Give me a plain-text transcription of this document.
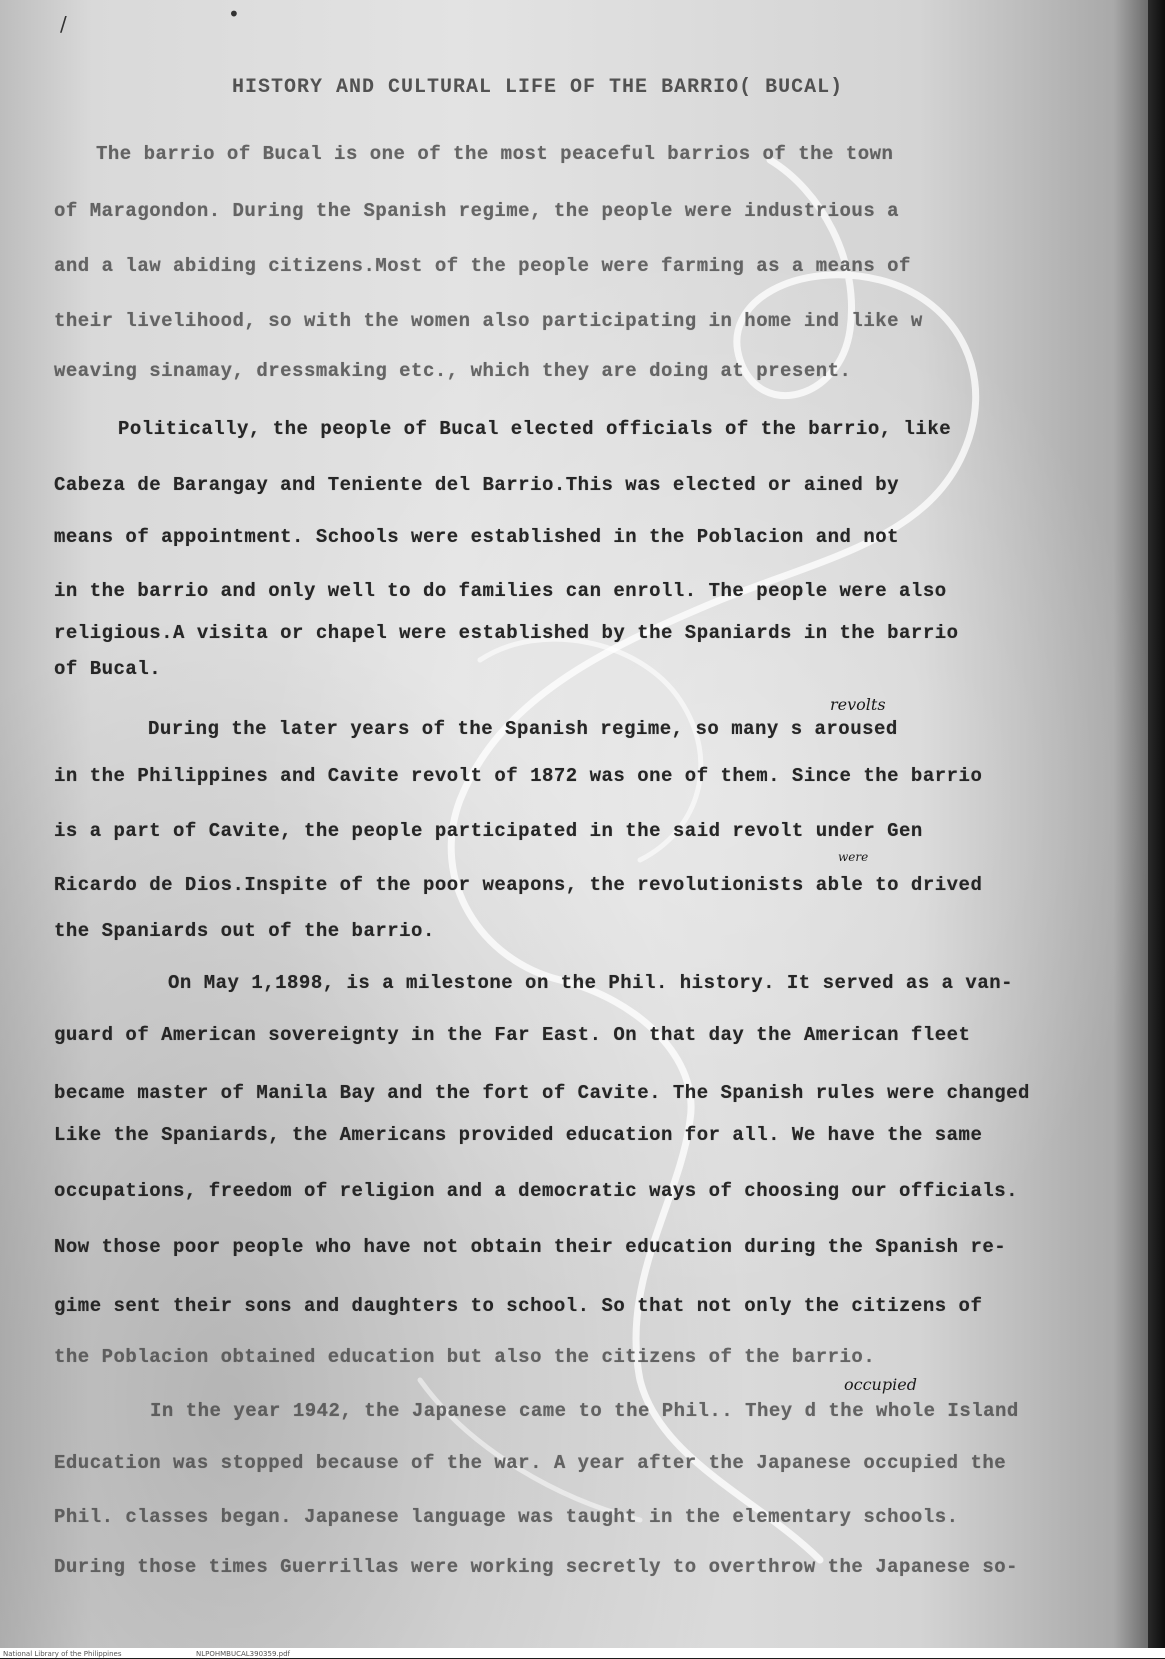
/	•
HISTORY AND CULTURAL LIFE OF THE BARRIO( BUCAL)
The barrio of Bucal is one of the most peaceful barrios of the town
of Maragondon. During the Spanish regime, the people were industrious a
and a law abiding citizens.Most of the people were farming as a means of
their livelihood, so with the women also participating in home ind like w
weaving sinamay, dressmaking etc., which they are doing at present.
Politically, the people of Bucal elected officials of the barrio, like
Cabeza de Barangay and Teniente del Barrio.This was elected or ained by
means of appointment. Schools were established in the Poblacion and not
in the barrio and only well to do families can enroll. The people were also
religious.A visita or chapel were established by the Spaniards in the barrio
of Bucal.
revolts
During the later years of the Spanish regime, so many s aroused
in the Philippines and Cavite revolt of 1872 was one of them. Since the barrio
is a part of Cavite, the people participated in the said revolt under Gen
were
Ricardo de Dios.Inspite of the poor weapons, the revolutionists able to drived
the Spaniards out of the barrio.
On May 1,1898, is a milestone on the Phil. history. It served as a van-
guard of American sovereignty in the Far East. On that day the American fleet
became master of Manila Bay and the fort of Cavite. The Spanish rules were changed
Like the Spaniards, the Americans provided education for all. We have the same
occupations, freedom of religion and a democratic ways of choosing our officials.
Now those poor people who have not obtain their education during the Spanish re-
gime sent their sons and daughters to school. So that not only the citizens of
the Poblacion obtained education but also the citizens of the barrio.
occupied
In the year 1942, the Japanese came to the Phil.. They d the whole Island
Education was stopped because of the war. A year after the Japanese occupied the
Phil. classes began. Japanese language was taught in the elementary schools.
During those times Guerrillas were working secretly to overthrow the Japanese so-
National Library of the Philippines	NLPOHMBUCAL390359.pdf
